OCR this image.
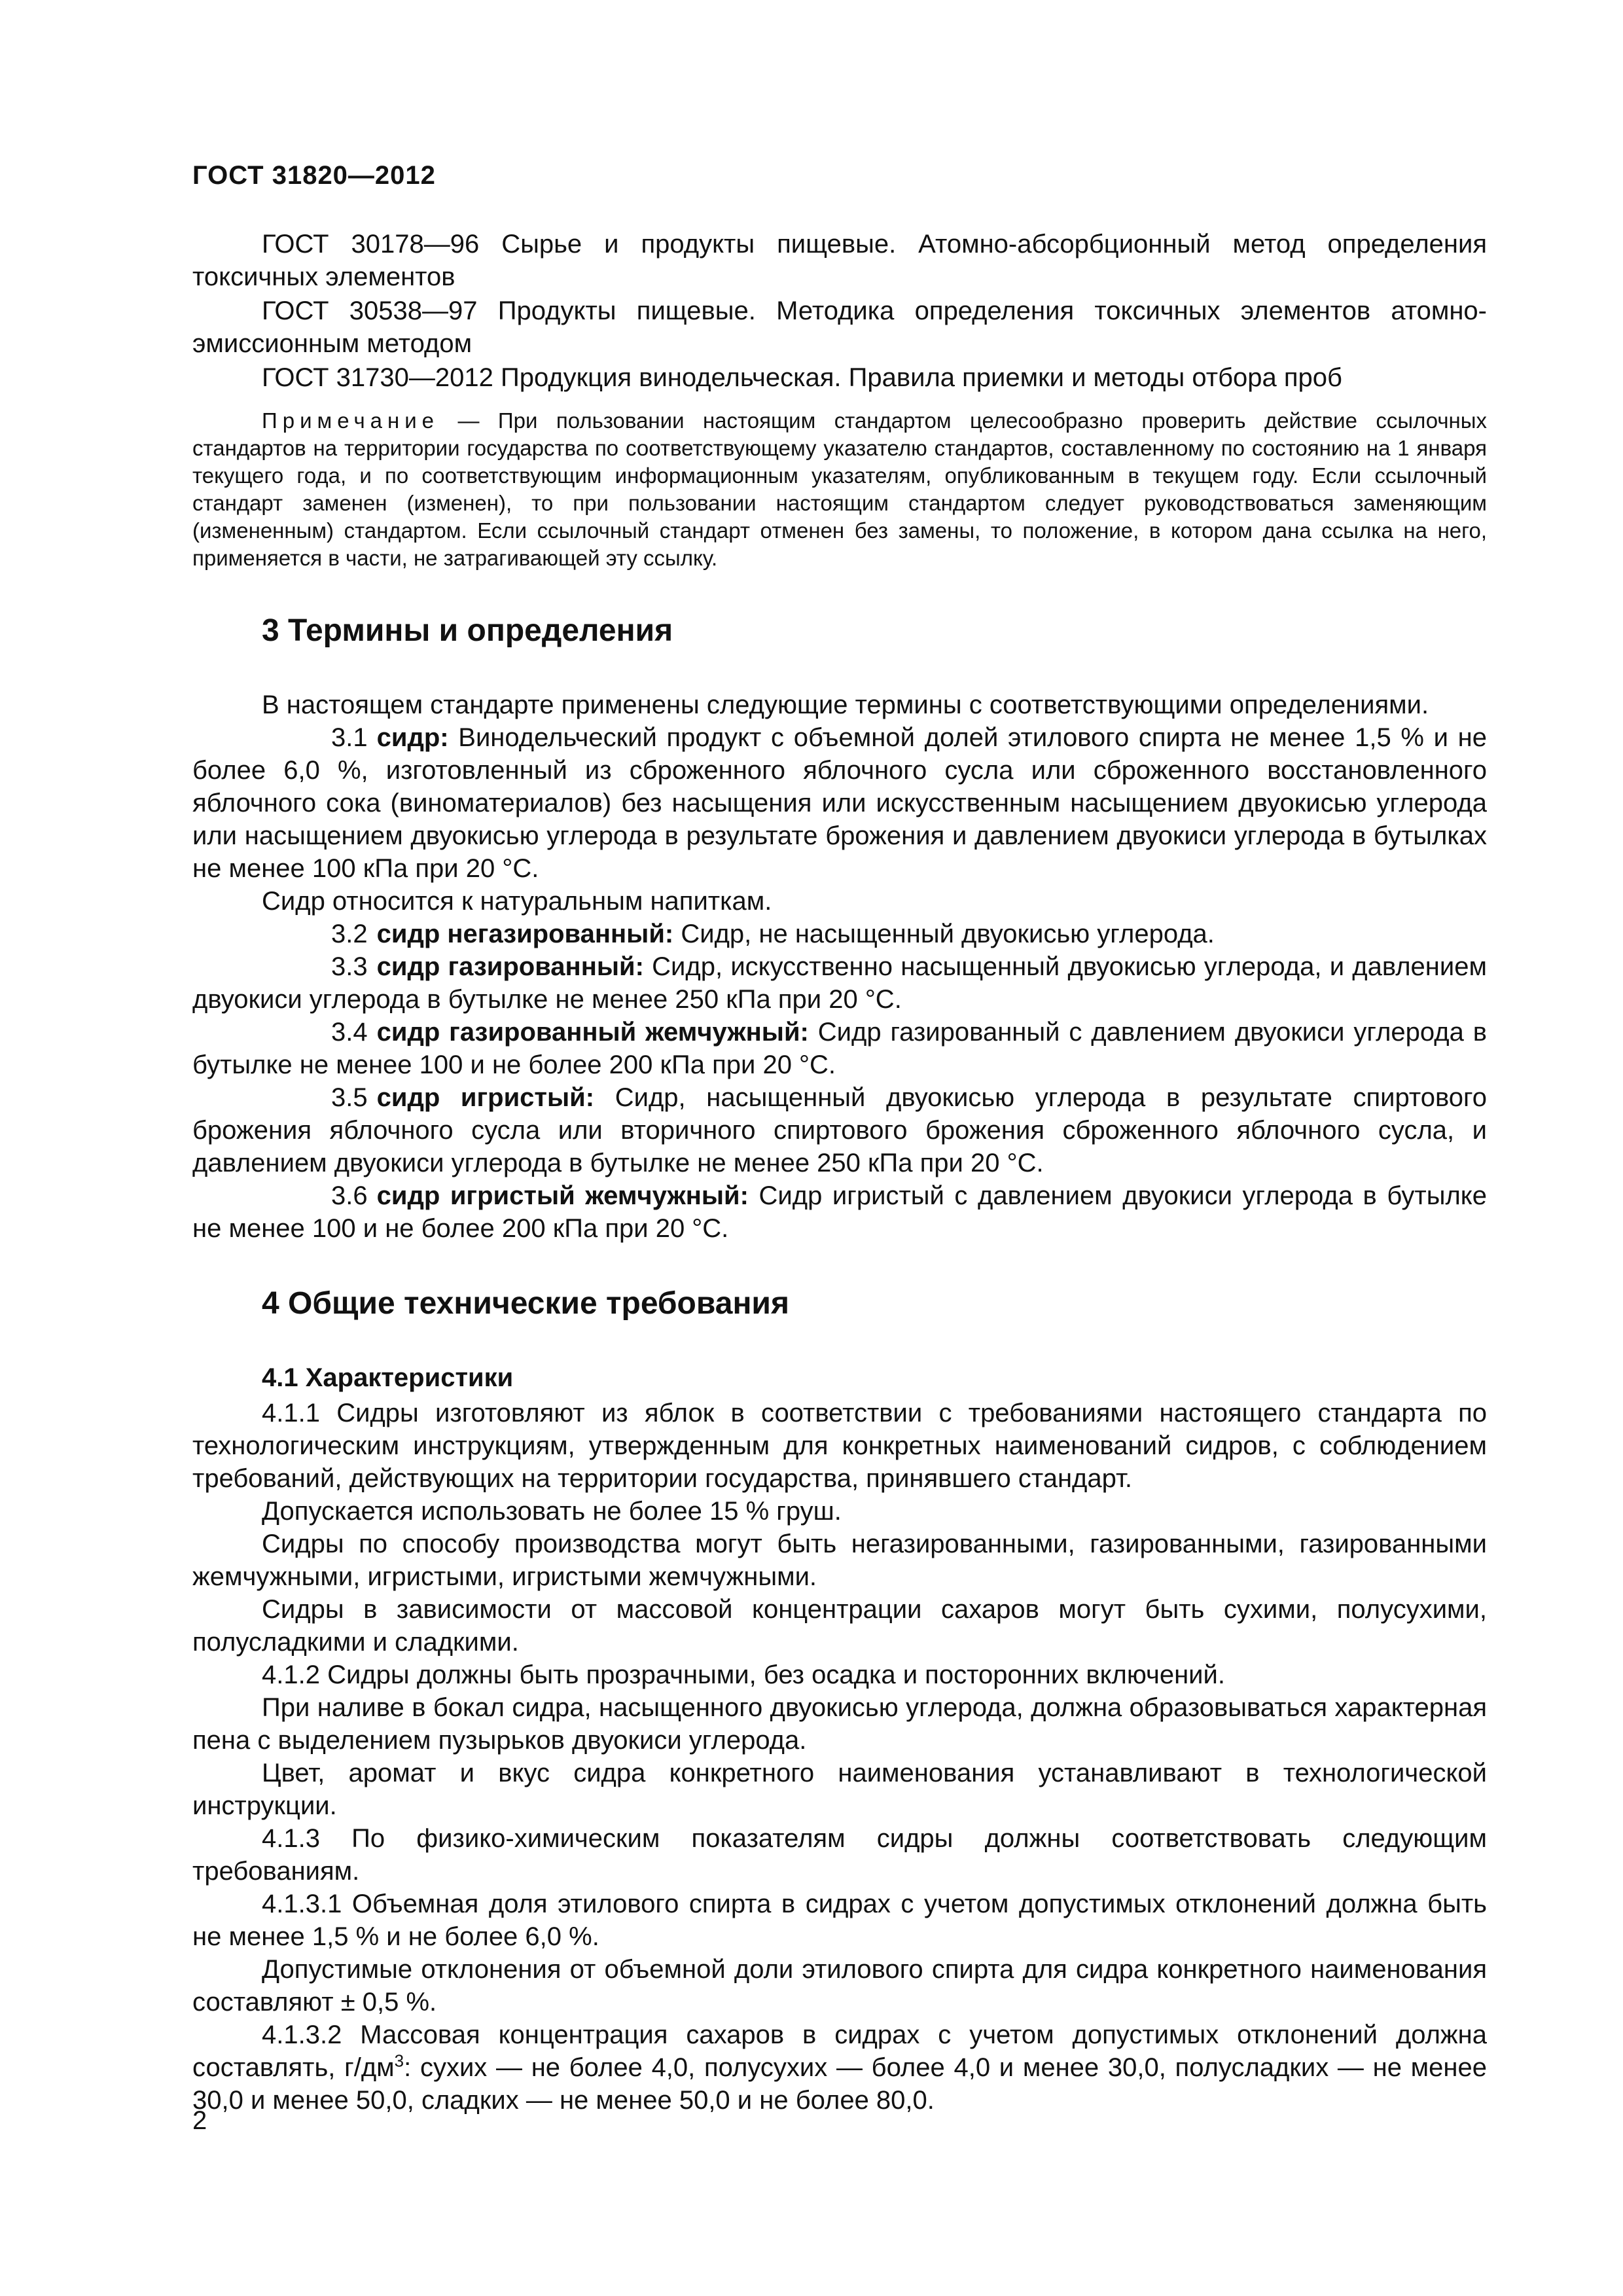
ГОСТ 31820—2012

ГОСТ 30178—96 Сырье и продукты пищевые. Атомно-абсорбционный метод определения токсичных элементов

ГОСТ 30538—97 Продукты пищевые. Методика определения токсичных элементов атомно-эмиссионным методом

ГОСТ 31730—2012 Продукция винодельческая. Правила приемки и методы отбора проб

Примечание — При пользовании настоящим стандартом целесообразно проверить действие ссылочных стандартов на территории государства по соответствующему указателю стандартов, составленному по состоянию на 1 января текущего года, и по соответствующим информационным указателям, опубликованным в текущем году. Если ссылочный стандарт заменен (изменен), то при пользовании настоящим стандартом следует руководствоваться заменяющим (измененным) стандартом. Если ссылочный стандарт отменен без замены, то положение, в котором дана ссылка на него, применяется в части, не затрагивающей эту ссылку.

3 Термины и определения

В настоящем стандарте применены следующие термины с соответствующими определениями.

3.1 сидр: Винодельческий продукт с объемной долей этилового спирта не менее 1,5 % и не более 6,0 %, изготовленный из сброженного яблочного сусла или сброженного восстановленного яблочного сока (виноматериалов) без насыщения или искусственным насыщением двуокисью углерода или насыщением двуокисью углерода в результате брожения и давлением двуокиси углерода в бутылках не менее 100 кПа при 20 °С.

Сидр относится к натуральным напиткам.

3.2 сидр негазированный: Сидр, не насыщенный двуокисью углерода.

3.3 сидр газированный: Сидр, искусственно насыщенный двуокисью углерода, и давлением двуокиси углерода в бутылке не менее 250 кПа при 20 °С.

3.4 сидр газированный жемчужный: Сидр газированный с давлением двуокиси углерода в бутылке не менее 100 и не более 200 кПа при 20 °С.

3.5 сидр игристый: Сидр, насыщенный двуокисью углерода в результате спиртового брожения яблочного сусла или вторичного спиртового брожения сброженного яблочного сусла, и давлением двуокиси углерода в бутылке не менее 250 кПа при 20 °С.

3.6 сидр игристый жемчужный: Сидр игристый с давлением двуокиси углерода в бутылке не менее 100 и не более 200 кПа при 20 °С.

4 Общие технические требования
4.1 Характеристики

4.1.1 Сидры изготовляют из яблок в соответствии с требованиями настоящего стандарта по технологическим инструкциям, утвержденным для конкретных наименований сидров, с соблюдением требований, действующих на территории государства, принявшего стандарт.

Допускается использовать не более 15 % груш.

Сидры по способу производства могут быть негазированными, газированными, газированными жемчужными, игристыми, игристыми жемчужными.

Сидры в зависимости от массовой концентрации сахаров могут быть сухими, полусухими, полусладкими и сладкими.

4.1.2 Сидры должны быть прозрачными, без осадка и посторонних включений.

При наливе в бокал сидра, насыщенного двуокисью углерода, должна образовываться характерная пена с выделением пузырьков двуокиси углерода.

Цвет, аромат и вкус сидра конкретного наименования устанавливают в технологической инструкции.

4.1.3 По физико-химическим показателям сидры должны соответствовать следующим требованиям.

4.1.3.1 Объемная доля этилового спирта в сидрах с учетом допустимых отклонений должна быть не менее 1,5 % и не более 6,0 %.

Допустимые отклонения от объемной доли этилового спирта для сидра конкретного наименования составляют ± 0,5 %.

4.1.3.2 Массовая концентрация сахаров в сидрах с учетом допустимых отклонений должна составлять, $г/дм^3$: сухих — не более 4,0, полусухих — более 4,0 и менее 30,0, полусладких — не менее 30,0 и менее 50,0, сладких — не менее 50,0 и не более 80,0.

2
